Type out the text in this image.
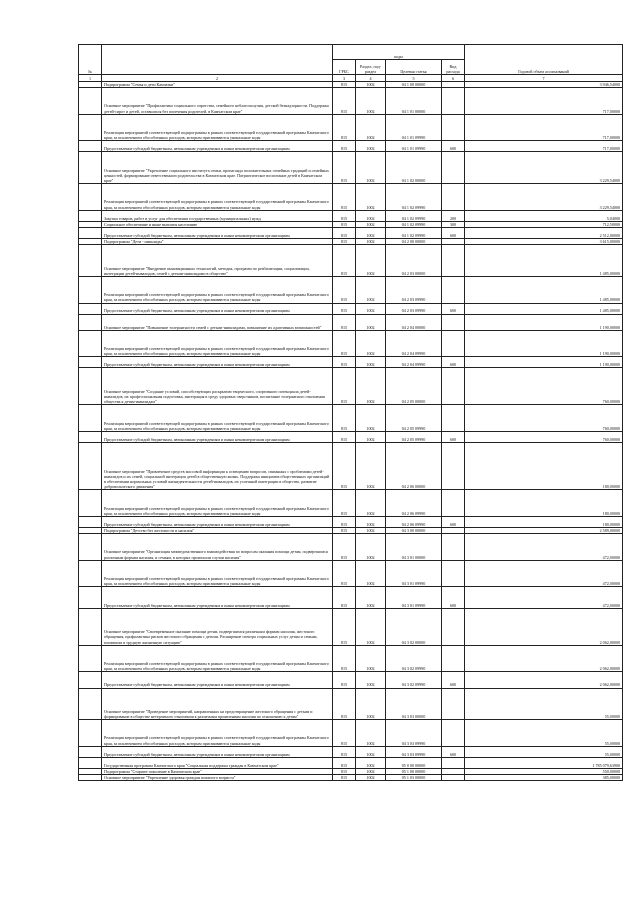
№		коды				Годовой объем ассигнований
		ГРБС	Раздел, под-раздел	Целевая статья	Вид расхода	
1	2	3	4	5	6	7
	Подпрограмма "Семья и дети Камчатки"	815	1002	04 1 00 00000		3 946,54000
	Основное мероприятие "Профилактика социального сиротства, семейного неблагополучия, детской безнадзорности. Поддержка детей-сирот и детей, оставшихся без попечения родителей, в Камчатском крае"	815	1002	04 1 01 00000		717,00000
	Реализация мероприятий соответствующей подпрограммы в рамках соответствующей государственной программы Камчатского края, за исключением обособленных расходов, которым присваиваются уникальные коды	815	1002	04 1 01 09990		717,00000
	Предоставление субсидий бюджетным, автономным учреждениям и иным некоммерческим организациям	815	1002	04 1 01 09990	600	717,00000
	Основное мероприятие "Укрепление социального института семьи, пропаганда положительных семейных традиций и семейных ценностей, формирование ответственного родительства в Камчатском крае. Патриотическое воспитание детей в Камчатском крае"	815	1002	04 1 02 00000		3 229,54000
	Реализация мероприятий соответствующей подпрограммы в рамках соответствующей государственной программы Камчатского края, за исключением обособленных расходов, которым присваиваются уникальные коды	815	1002	04 1 02 09990		3 229,54000
	Закупка товаров, работ и услуг для обеспечения государственных (муниципальных) нужд	815	1002	04 1 02 09990	200	5,04000
	Социальное обеспечение и иные выплаты населению	815	1002	04 1 02 09990	300	712,50000
	Предоставление субсидий бюджетным, автономным учреждениям и иным некоммерческим организациям	815	1002	04 1 02 09990	600	2 512,00000
	Подпрограмма "Дети - инвалиды"	815	1002	04 2 00 00000		3 615,00000
	Основное мероприятие "Внедрение инновационных технологий, методик, программ по реабилитации, социализации, интеграции детей-инвалидов, семей с детьми-инвалидами в обществе"	815	1002	04 2 03 00000		1 485,00000
	Реализация мероприятий соответствующей подпрограммы в рамках соответствующей государственной программы Камчатского края, за исключением обособленных расходов, которым присваиваются уникальные коды	815	1002	04 2 03 09990		1 485,00000
	Предоставление субсидий бюджетным, автономным учреждениям и иным некоммерческим организациям	815	1002	04 2 03 09990	600	1 485,00000
	Основное мероприятие "Повышение толерантности семей с детьми-инвалидами, повышение их адаптивных возможностей"	815	1002	04 2 04 00000		1 190,00000
	Реализация мероприятий соответствующей подпрограммы в рамках соответствующей государственной программы Камчатского края, за исключением обособленных расходов, которым присваиваются уникальные коды	815	1002	04 2 04 09990		1 190,00000
	Предоставление субсидий бюджетным, автономным учреждениям и иным некоммерческим организациям	815	1002	04 2 04 09990	600	1 190,00000
	Основное мероприятие "Создание условий, способствующих раскрытию творческого, спортивного потенциала детей-инвалидов, их профессиональная подготовка, интеграция в среду здоровых сверстников, воспитание толерантного отношения общества к детям-инвалидам"	815	1002	04 2 05 00000		760,00000
	Реализация мероприятий соответствующей подпрограммы в рамках соответствующей государственной программы Камчатского края, за исключением обособленных расходов, которым присваиваются уникальные коды	815	1002	04 2 05 09990		760,00000
	Предоставление субсидий бюджетным, автономным учреждениям и иным некоммерческим организациям	815	1002	04 2 05 09990	600	760,00000
	Основное мероприятие "Привлечение средств массовой информации к освещению вопросов, связанных с проблемами детей-инвалидов и их семей, социальной интеграции детей в общественную жизнь. Поддержка инициатив общественных организаций в обеспечении нормальных условий жизнедеятельности детей-инвалидов, их успешной интеграции в общество, развитие добровольческого движения"	815	1002	04 2 06 00000		180,00000
	Реализация мероприятий соответствующей подпрограммы в рамках соответствующей государственной программы Камчатского края, за исключением обособленных расходов, которым присваиваются уникальные коды	815	1002	04 2 06 09990		180,00000
	Предоставление субсидий бюджетным, автономным учреждениям и иным некоммерческим организациям	815	1002	04 2 06 09990	600	180,00000
	Подпрограмма "Детство без жестокости и насилия"	815	1002	04 3 00 00000		2 589,00000
	Основное мероприятие "Организация межведомственного взаимодействия по вопросам оказания помощи детям, подвергшимся различным формам насилия, и семьям, в которых произошли случаи насилия"	815	1002	04 3 01 00000		472,00000
	Реализация мероприятий соответствующей подпрограммы в рамках соответствующей государственной программы Камчатского края, за исключением обособленных расходов, которым присваиваются уникальные коды	815	1002	04 3 01 09990		472,00000
	Предоставление субсидий бюджетным, автономным учреждениям и иным некоммерческим организациям	815	1002	04 3 01 09990	600	472,00000
	Основное мероприятие "Своевременное оказание помощи детям, подвергшимся различным формам насилия, жестокого обращения, профилактика рисков жестокого обращения с детьми. Расширение спектра социальных услуг детям и семьям, попавшим в трудную жизненную ситуацию"	815	1002	04 3 02 00000		2 062,00000
	Реализация мероприятий соответствующей подпрограммы в рамках соответствующей государственной программы Камчатского края, за исключением обособленных расходов, которым присваиваются уникальные коды	815	1002	04 3 02 09990		2 062,00000
	Предоставление субсидий бюджетным, автономным учреждениям и иным некоммерческим организациям	815	1002	04 3 02 09990	600	2 062,00000
	Основное мероприятие "Проведение мероприятий, направленных на предотвращение жестокого обращения с детьми и формирование в обществе нетерпимого отношения к различным проявлениям насилия по отношению к детям"	815	1002	04 3 03 00000		55,00000
	Реализация мероприятий соответствующей подпрограммы в рамках соответствующей государственной программы Камчатского края, за исключением обособленных расходов, которым присваиваются уникальные коды	815	1002	04 3 03 09990		55,00000
	Предоставление субсидий бюджетным, автономным учреждениям и иным некоммерческим организациям	815	1002	04 3 03 09990	600	55,00000
	Государственная программа Камчатского края "Социальная поддержка граждан в Камчатском крае"	815	1002	05 0 00 00000		1 785 079,63900
	Подпрограмма "Старшее поколение в Камчатском крае"	815	1002	05 1 00 00000		550,00000
	Основное мероприятие "Укрепление здоровья граждан пожилого возраста"	815	1002	05 1 03 00000		385,00000
